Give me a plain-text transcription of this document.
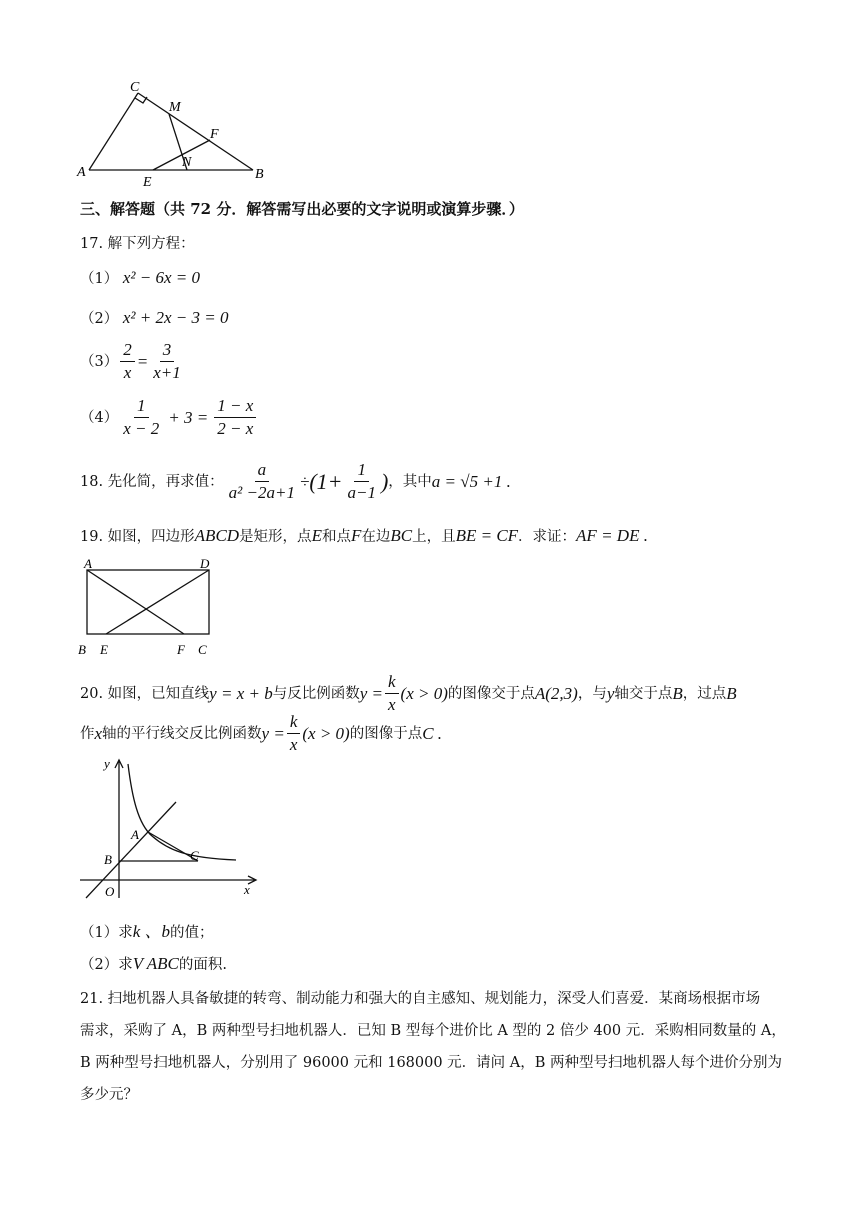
C
M
F
N
A
E
B
三、解答题（共 72 分．解答需写出必要的文字说明或演算步骤．）
17. 解下列方程：
（1） x² − 6x = 0
（2） x² + 2x − 3 = 0
$(3) \frac{2}{x} = \frac{3}{x+1}$
$(4) \frac{1}{x - 2} + 3 = \frac{1 - x}{2 - x}$
18. 先化简，再求值： $\frac{a}{\text{a² −2a+1}} \div (1+ \frac{1}{a-1}$ ) ，其中 a = √5 +1 .
19. 如图，四边形ABCD是矩形，点E和点F在边BC上，且BE = CF．求证：AF = DE .
A	D
B E	F C
20. 如图，已知直线 y = x + b 与反比例函数 $y = \frac{k}{x} (x > 0)$ 的图像交于点 A(2,3) ，与 y 轴交于点 B ，过点 B
作 x 轴的平行线交反比例函数 $y = \frac{k}{x} (x > 0)$ 的图像于点 C .
y
A
B	C
O	x
（1）求k 、b的值；
（2）求V ABC的面积.
21. 扫地机器人具备敏捷的转弯、制动能力和强大的自主感知、规划能力，深受人们喜爱．某商场根据市场
需求，采购了 A，B 两种型号扫地机器人．已知 B 型每个进价比 A 型的 2 倍少 400 元．采购相同数量的 A，
B 两种型号扫地机器人，分别用了 96000 元和 168000 元．请问 A，B 两种型号扫地机器人每个进价分别为
多少元？
